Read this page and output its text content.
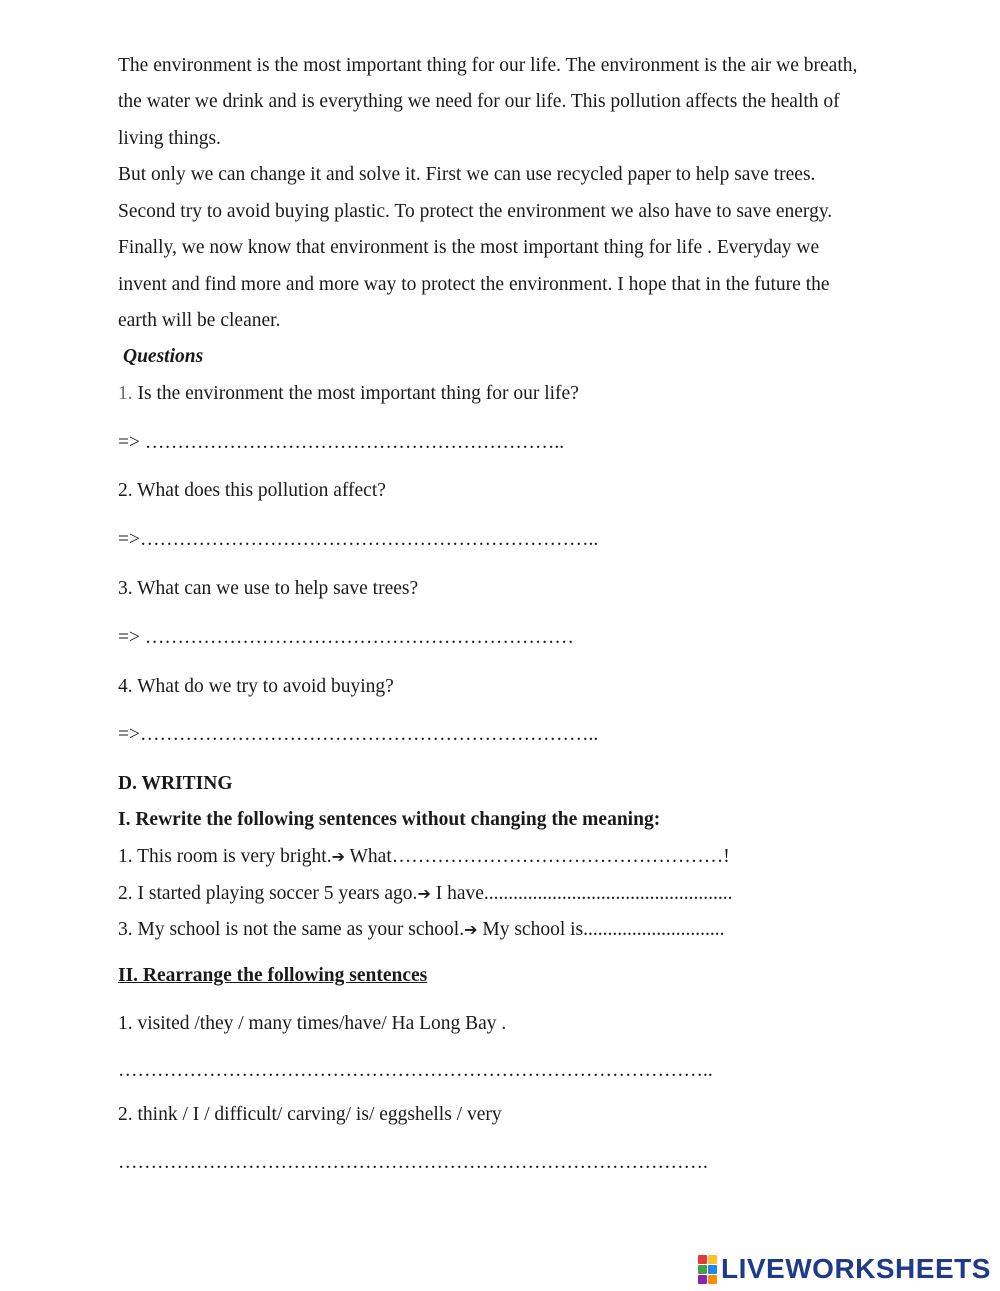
The environment is the most important thing for our life. The environment is the air we breath,
the water we drink and is everything we need for our life. This pollution affects the health of
living things.
But only we can change it and solve it. First we can use recycled paper to help save trees.
Second try to avoid buying plastic. To protect the environment we also have to save energy.
Finally, we now know that environment is the most important thing for life . Everyday we
invent and find more and more way to protect the environment. I hope that in the future the
earth will be cleaner.
Questions
1. Is the environment the most important thing for our life?
=> ………………………………………………………..
2. What does this pollution affect?
=>……………………………………………………………..
3. What can we use to help save trees?
=> …………………………………………………………
4. What do we try to avoid buying?
=>……………………………………………………………..
D. WRITING
I. Rewrite the following sentences without changing the meaning:
1. This room is very bright.➔ What……………………………………………!
2. I started playing soccer 5 years ago.➔ I have...................................................
3. My school is not the same as your school.➔ My school is.............................
II. Rearrange the following sentences
1. visited /they / many times/have/ Ha Long Bay .
………………………………………………………………………………..
2. think / I / difficult/ carving/ is/ eggshells / very
……………………………………………………………………………….
LIVEWORKSHEETS
